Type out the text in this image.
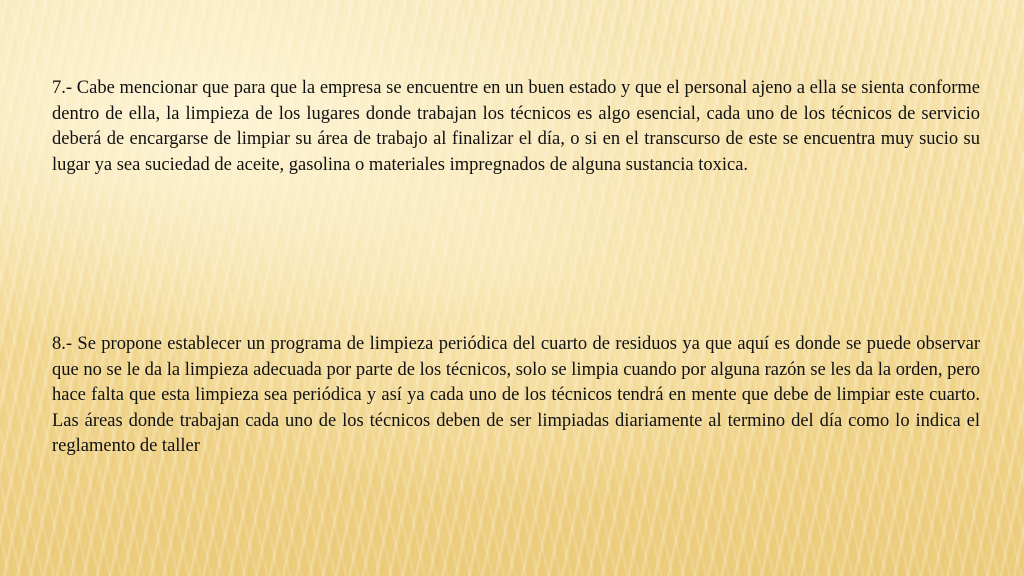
7.- Cabe mencionar que para que la empresa se encuentre en un buen estado y que el personal ajeno a ella se sienta conforme dentro de ella, la limpieza de los lugares donde trabajan los técnicos es algo esencial, cada uno de los técnicos de servicio deberá de encargarse de limpiar su área de trabajo al finalizar el día, o si en el transcurso de este se encuentra muy sucio su lugar ya sea suciedad de aceite, gasolina o materiales impregnados de alguna sustancia toxica.

8.- Se propone establecer un programa de limpieza periódica del cuarto de residuos ya que aquí es donde se puede observar que no se le da la limpieza adecuada por parte de los técnicos, solo se limpia cuando por alguna razón se les da la orden, pero hace falta que esta limpieza sea periódica y así ya cada uno de los técnicos tendrá en mente que debe de limpiar este cuarto. Las áreas donde trabajan cada uno de los técnicos deben de ser limpiadas diariamente al termino del día como lo indica el reglamento de taller
